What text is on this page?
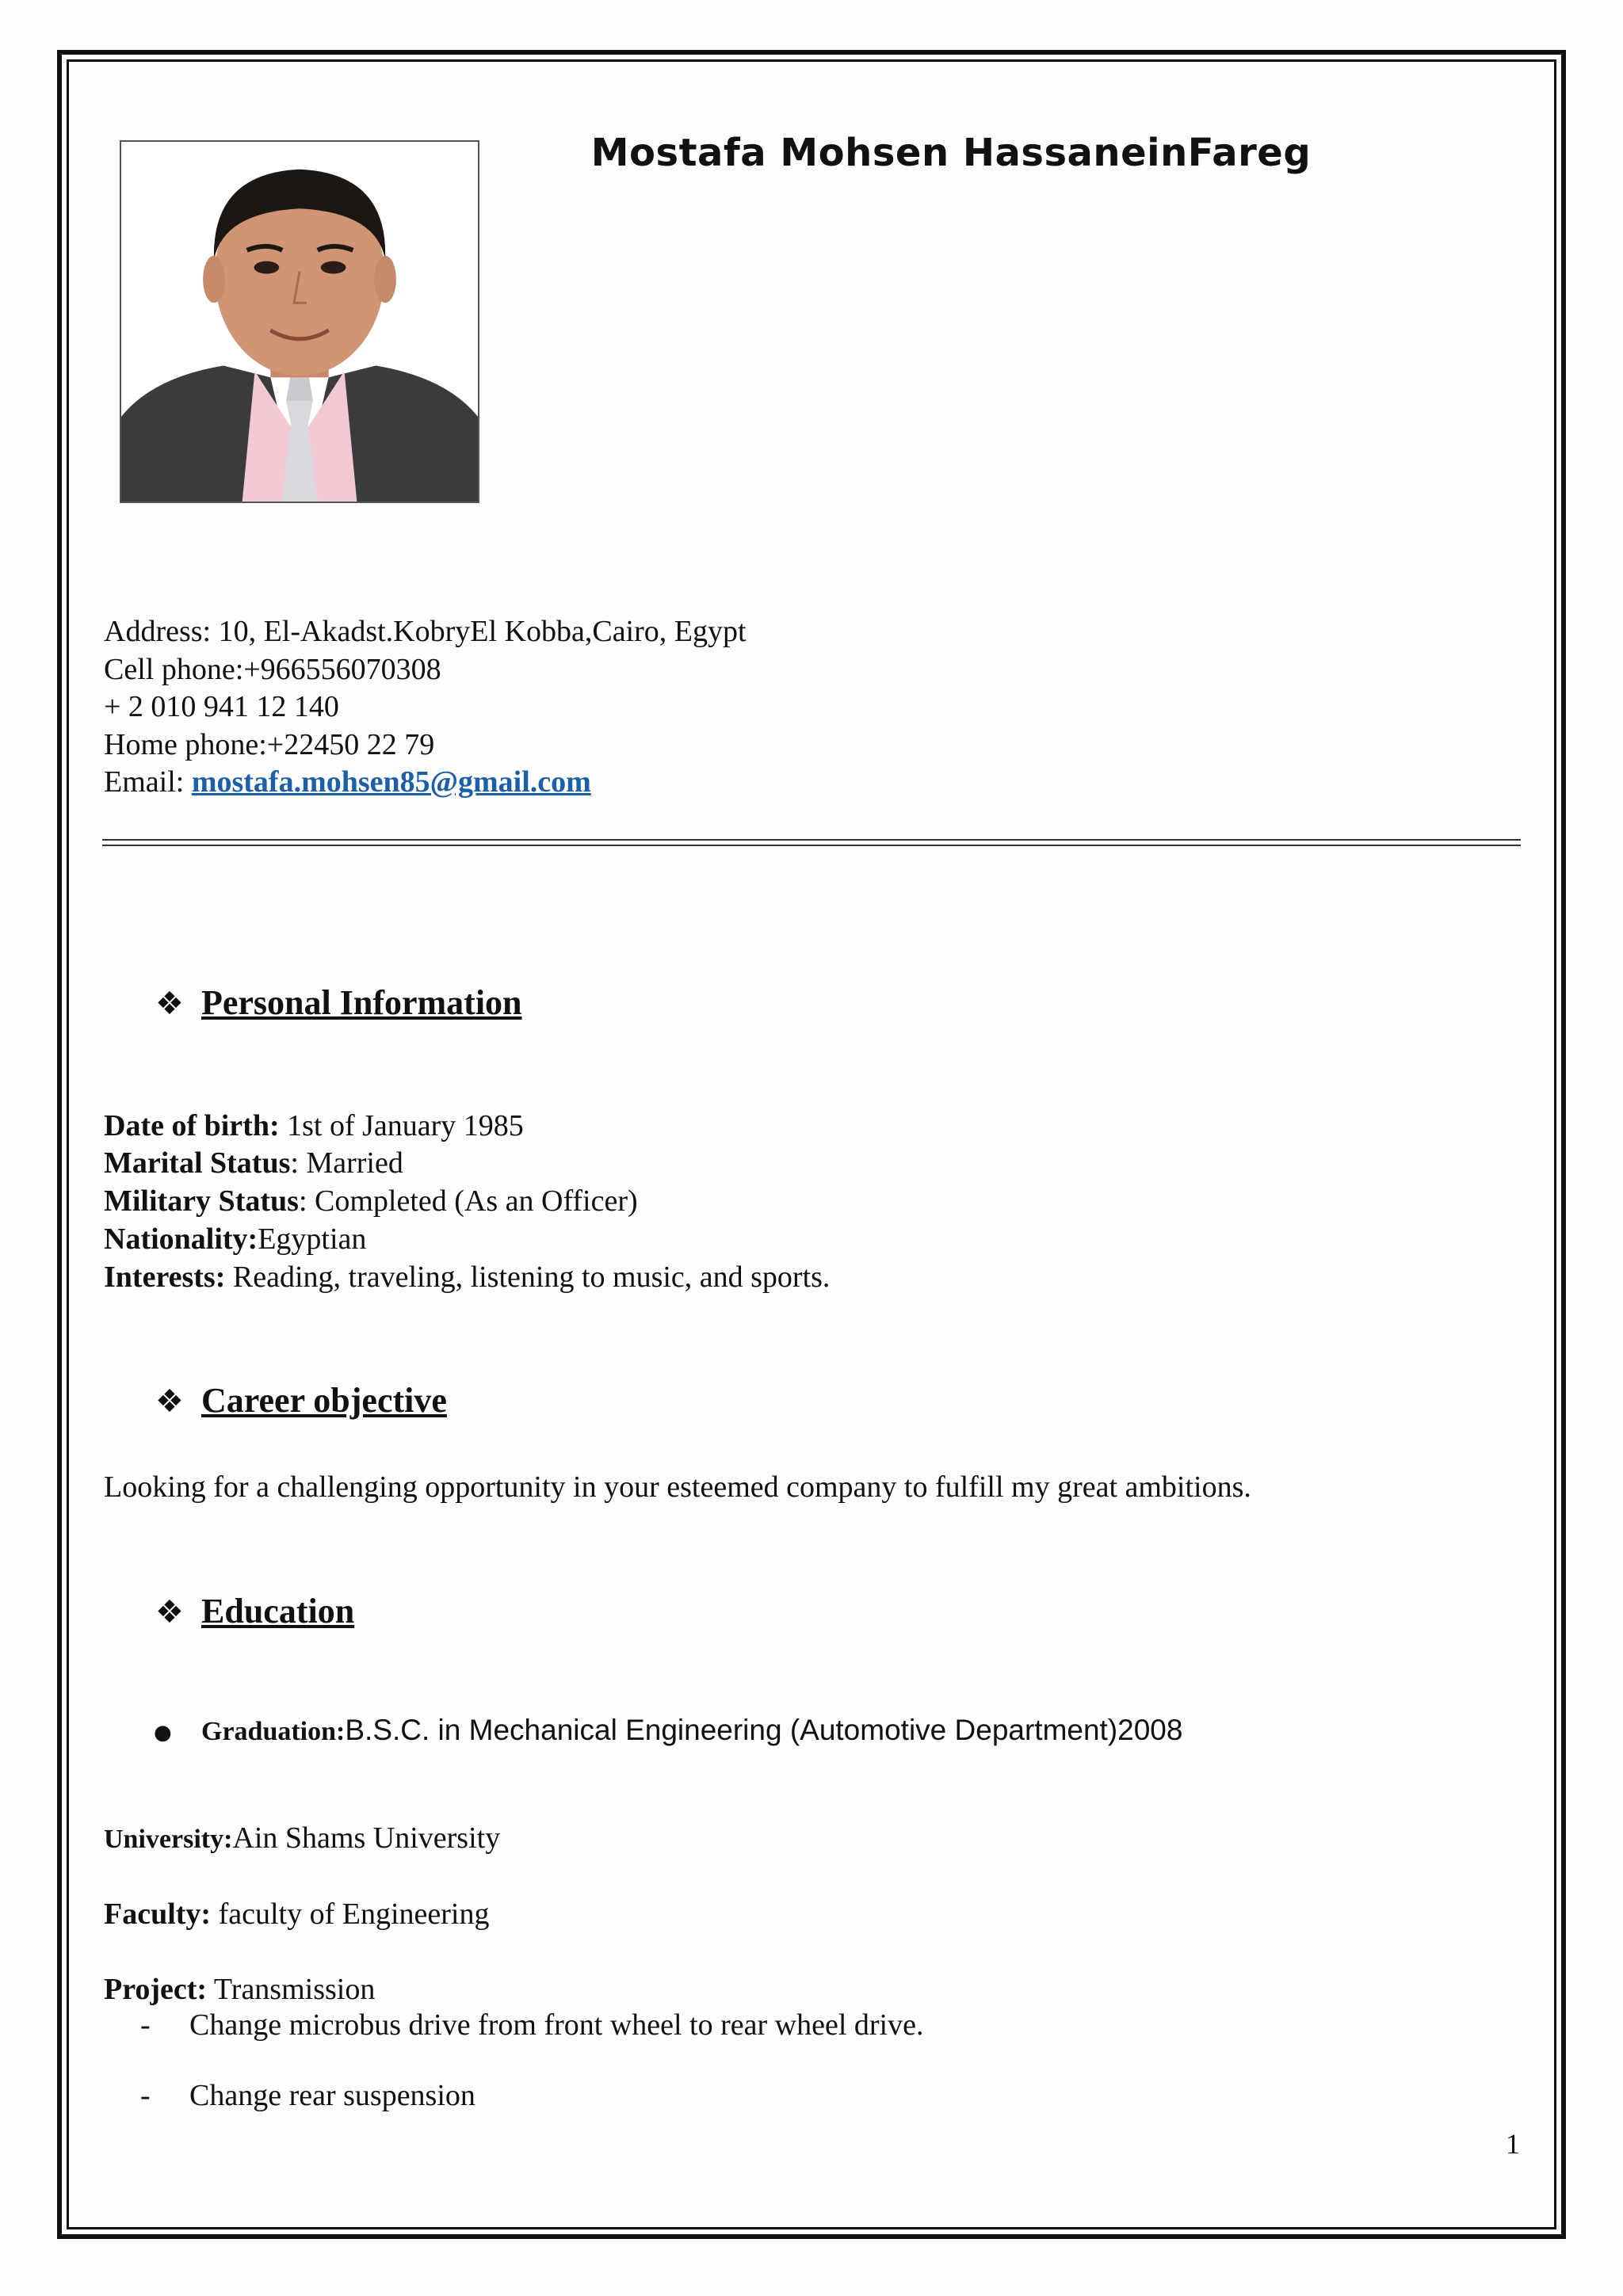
Mostafa Mohsen HassaneinFareg
Address: 10, El-Akadst.KobryEl Kobba,Cairo, Egypt
Cell phone:+966556070308
+ 2 010 941 12 140
Home phone:+22450 22 79
Email: mostafa.mohsen85@gmail.com
❖ Personal Information
Date of birth: 1st of January 1985
Marital Status: Married
Military Status: Completed (As an Officer)
Nationality:Egyptian
Interests: Reading, traveling, listening to music, and sports.
❖ Career objective
Looking for a challenging opportunity in your esteemed company to fulfill my great ambitions.
❖ Education
● Graduation:B.S.C. in Mechanical Engineering (Automotive Department)2008
University:Ain Shams University
Faculty: faculty of Engineering
Project: Transmission
- Change microbus drive from front wheel to rear wheel drive.
- Change rear suspension
1
